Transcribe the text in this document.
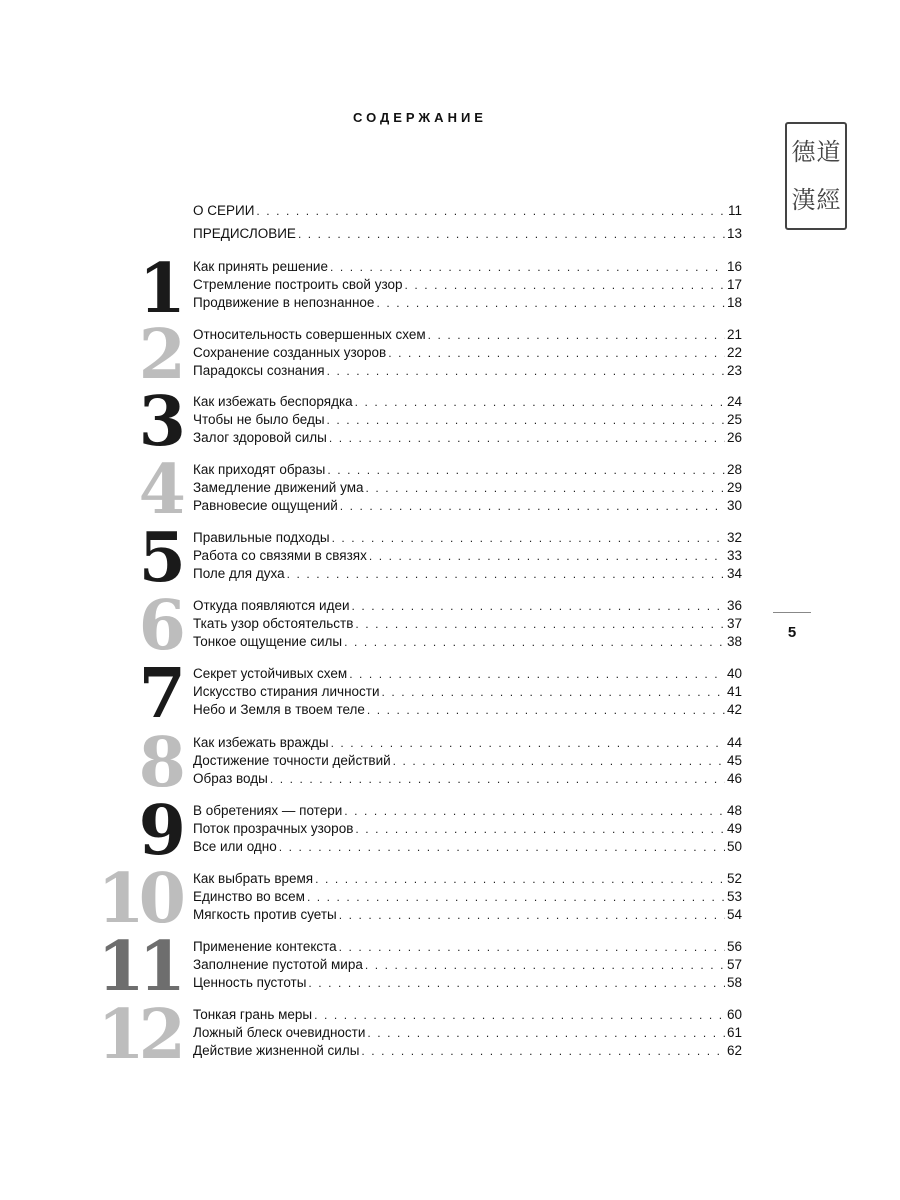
СОДЕРЖАНИЕ
德 道
漢 經
5
О СЕРИИ . . .	11
ПРЕДИСЛОВИЕ . . .	13
1 Как принять решение . . .	16
Стремление построить свой узор . . .	17
Продвижение в непознанное . . .	18
2 Относительность совершенных схем . . .	21
Сохранение созданных узоров . . .	22
Парадоксы сознания . . .	23
3 Как избежать беспорядка . . .	24
Чтобы не было беды . . .	25
Залог здоровой силы . . .	26
4 Как приходят образы . . .	28
Замедление движений ума . . .	29
Равновесие ощущений . . .	30
5 Правильные подходы . . .	32
Работа со связями в связях . . .	33
Поле для духа . . .	34
6 Откуда появляются идеи . . .	36
Ткать узор обстоятельств . . .	37
Тонкое ощущение силы . . .	38
7 Секрет устойчивых схем . . .	40
Искусство стирания личности . . .	41
Небо и Земля в твоем теле . . .	42
8 Как избежать вражды . . .	44
Достижение точности действий . . .	45
Образ воды . . .	46
9 В обретениях — потери . . .	48
Поток прозрачных узоров . . .	49
Все или одно . . .	50
10 Как выбрать время . . .	52
Единство во всем . . .	53
Мягкость против суеты . . .	54
11 Применение контекста . . .	56
Заполнение пустотой мира . . .	57
Ценность пустоты . . .	58
12 Тонкая грань меры . . .	60
Ложный блеск очевидности . . .	61
Действие жизненной силы . . .	62
